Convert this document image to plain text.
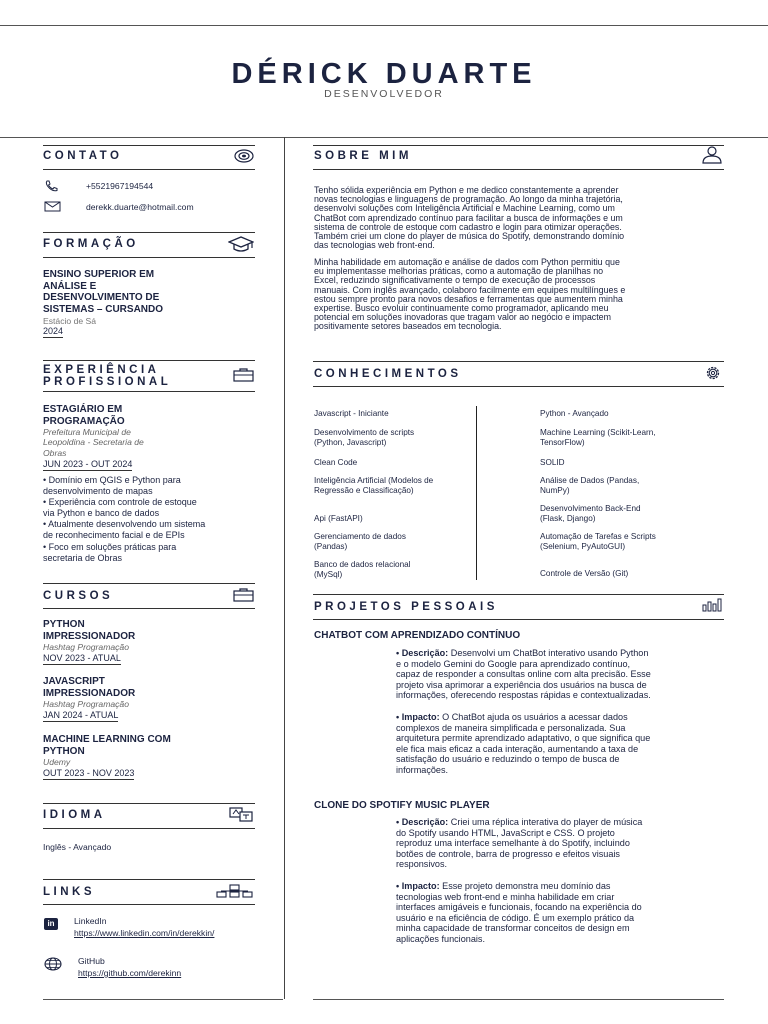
DÉRICK DUARTE
DESENVOLVEDOR
CONTATO
+5521967194544
derekk.duarte@hotmail.com
FORMAÇÃO
ENSINO SUPERIOR EM
ANÁLISE E
DESENVOLVIMENTO DE
SISTEMAS – CURSANDO
Estácio de Sá
2024
EXPERIÊNCIA
PROFISSIONAL
ESTAGIÁRIO EM
PROGRAMAÇÃO
Prefeitura Municipal de
Leopoldina - Secretaria de
Obras
JUN 2023 - OUT 2024
• Domínio em QGIS e Python para
desenvolvimento de mapas
• Experiência com controle de estoque
via Python e banco de dados
• Atualmente desenvolvendo um sistema
de reconhecimento facial e de EPIs
• Foco em soluções práticas para
secretaria de Obras
CURSOS
PYTHON
IMPRESSIONADOR
Hashtag Programação
NOV 2023 - ATUAL
JAVASCRIPT
IMPRESSIONADOR
Hashtag Programação
JAN 2024 - ATUAL
MACHINE LEARNING COM
PYTHON
Udemy
OUT 2023 - NOV 2023
IDIOMA
Inglês - Avançado
LINKS
in	LinkedIn
https://www.linkedin.com/in/derekkin/
GitHub
https://github.com/derekinn
SOBRE MIM
Tenho sólida experiência em Python e me dedico constantemente a aprender
novas tecnologias e linguagens de programação. Ao longo da minha trajetória,
desenvolvi soluções com Inteligência Artificial e Machine Learning, como um
ChatBot com aprendizado contínuo para facilitar a busca de informações e um
sistema de controle de estoque com cadastro e login para otimizar operações.
Também criei um clone do player de música do Spotify, demonstrando domínio
das tecnologias web front-end.
Minha habilidade em automação e análise de dados com Python permitiu que
eu implementasse melhorias práticas, como a automação de planilhas no
Excel, reduzindo significativamente o tempo de execução de processos
manuais. Com inglês avançado, colaboro facilmente em equipes multilíngues e
estou sempre pronto para novos desafios e ferramentas que aumentem minha
expertise. Busco evoluir continuamente como programador, aplicando meu
potencial em soluções inovadoras que tragam valor ao negócio e impactem
positivamente setores baseados em tecnologia.
CONHECIMENTOS
Javascript - Iniciante
Desenvolvimento de scripts
(Python, Javascript)
Clean Code
Inteligência Artificial (Modelos de
Regressão e Classificação)
Api (FastAPI)
Gerenciamento de dados
(Pandas)
Banco de dados relacional
(MySql)
Python - Avançado
Machine Learning (Scikit-Learn,
TensorFlow)
SOLID
Análise de Dados (Pandas,
NumPy)
Desenvolvimento Back-End
(Flask, Django)
Automação de Tarefas e Scripts
(Selenium, PyAutoGUI)
Controle de Versão (Git)
PROJETOS PESSOAIS
CHATBOT COM APRENDIZADO CONTÍNUO
• Descrição: Desenvolvi um ChatBot interativo usando Python
e o modelo Gemini do Google para aprendizado contínuo,
capaz de responder a consultas online com alta precisão. Esse
projeto visa aprimorar a experiência dos usuários na busca de
informações, oferecendo respostas rápidas e contextualizadas.
• Impacto: O ChatBot ajuda os usuários a acessar dados
complexos de maneira simplificada e personalizada. Sua
arquitetura permite aprendizado adaptativo, o que significa que
ele fica mais eficaz a cada interação, aumentando a taxa de
satisfação do usuário e reduzindo o tempo de busca de
informações.
CLONE DO SPOTIFY MUSIC PLAYER
• Descrição: Criei uma réplica interativa do player de música
do Spotify usando HTML, JavaScript e CSS. O projeto
reproduz uma interface semelhante à do Spotify, incluindo
botões de controle, barra de progresso e efeitos visuais
responsivos.
• Impacto: Esse projeto demonstra meu domínio das
tecnologias web front-end e minha habilidade em criar
interfaces amigáveis e funcionais, focando na experiência do
usuário e na eficiência de código. É um exemplo prático da
minha capacidade de transformar conceitos de design em
aplicações funcionais.
